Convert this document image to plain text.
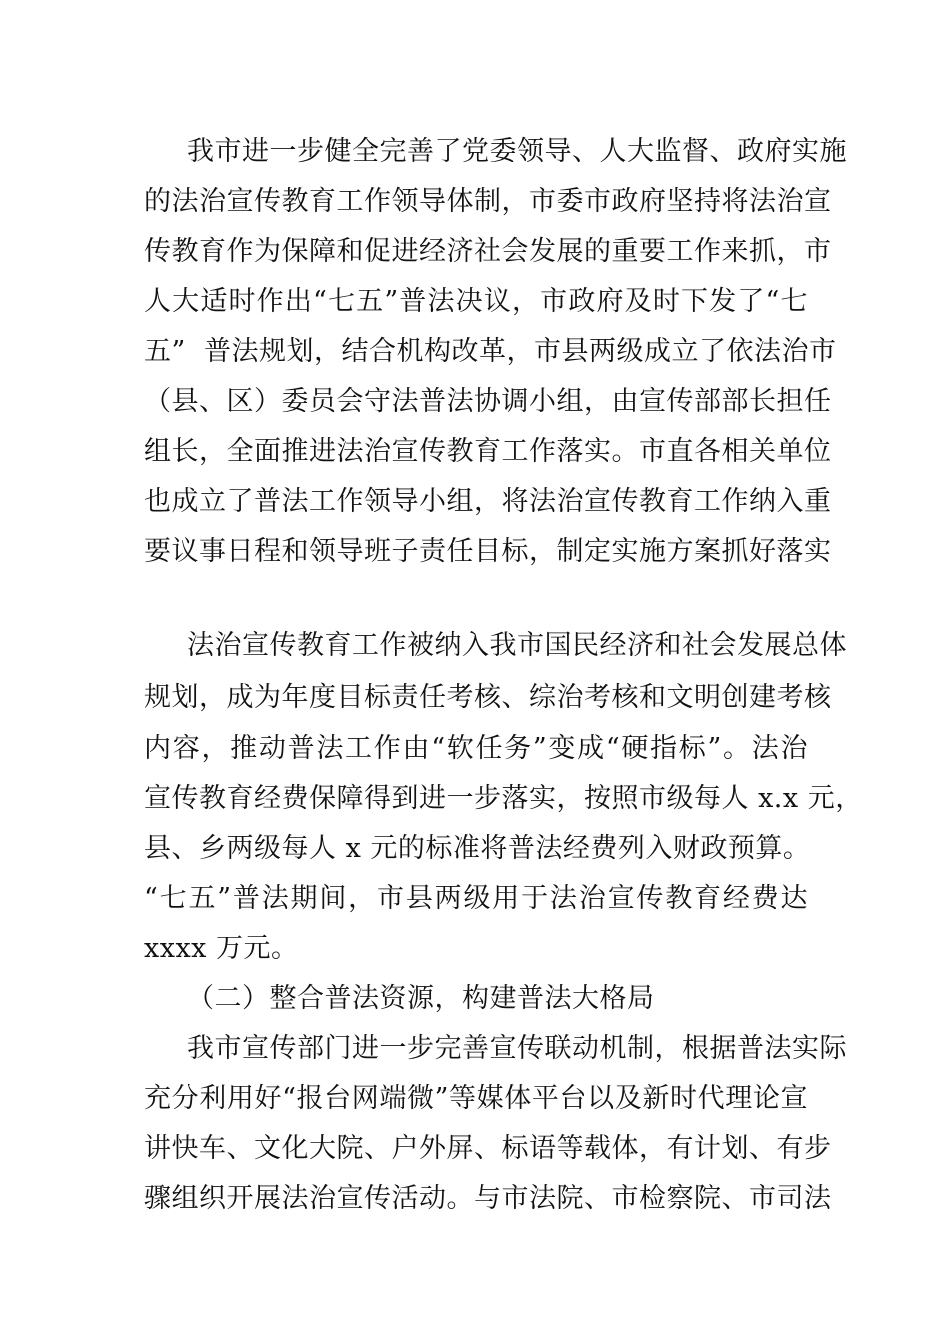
我市进一步健全完善了党委领导、人大监督、政府实施
的法治宣传教育工作领导体制，市委市政府坚持将法治宣
传教育作为保障和促进经济社会发展的重要工作来抓，市
人大适时作出“七五”普法决议，市政府及时下发了“七
五”  普法规划，结合机构改革，市县两级成立了依法治市
（县、区）委员会守法普法协调小组，由宣传部部长担任
组长，全面推进法治宣传教育工作落实。市直各相关单位
也成立了普法工作领导小组，将法治宣传教育工作纳入重
要议事日程和领导班子责任目标，制定实施方案抓好落实
法治宣传教育工作被纳入我市国民经济和社会发展总体
规划，成为年度目标责任考核、综治考核和文明创建考核
内容，推动普法工作由“软任务”变成“硬指标”。法治
宣传教育经费保障得到进一步落实，按照市级每人 x.x 元，
县、乡两级每人 x 元的标准将普法经费列入财政预算。
“七五”普法期间，市县两级用于法治宣传教育经费达
xxxx 万元。
（二）整合普法资源，构建普法大格局
我市宣传部门进一步完善宣传联动机制，根据普法实际
充分利用好“报台网端微”等媒体平台以及新时代理论宣
讲快车、文化大院、户外屏、标语等载体，有计划、有步
骤组织开展法治宣传活动。与市法院、市检察院、市司法
